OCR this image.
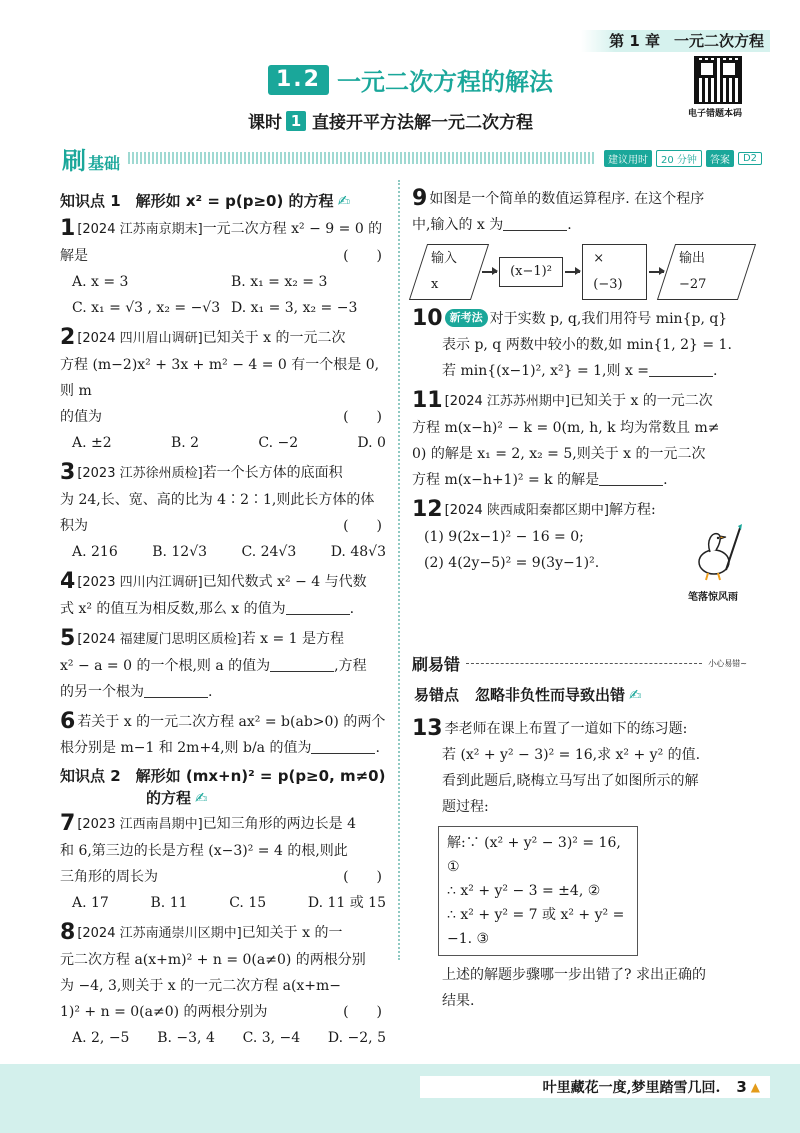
第 1 章 一元二次方程
1.2 一元二次方程的解法
电子错题本码
课时 1 直接开平方法解一元二次方程
刷基础	建议用时	20 分钟	答案	D2
知识点 1　解形如 x² = p(p≥0) 的方程 ✍
1 [2024 江苏南京期末]一元二次方程 x² − 9 = 0 的
解是	(　　)
A. x = 3	B. x₁ = x₂ = 3
C. x₁ = √3 , x₂ = −√3 D. x₁ = 3, x₂ = −3
2 [2024 四川眉山调研]已知关于 x 的一元二次
方程 (m−2)x² + 3x + m² − 4 = 0 有一个根是 0,则 m
的值为	(　　)
A. ±2	B. 2	C. −2	D. 0
3 [2023 江苏徐州质检]若一个长方体的底面积
为 24,长、宽、高的比为 4∶2∶1,则此长方体的体
积为	(　　)
A. 216 B. 12√3 C. 24√3 D. 48√3
4 [2023 四川内江调研]已知代数式 x² − 4 与代数
式 x² 的值互为相反数,那么 x 的值为	.
5 [2024 福建厦门思明区质检]若 x = 1 是方程
x² − a = 0 的一个根,则 a 的值为	,方程
的另一个根为	.
6 若关于 x 的一元二次方程 ax² = b(ab>0) 的两个
根分别是 m−1 和 2m+4,则 b/a 的值为	.
知识点 2　解形如 (mx+n)² = p(p≥0, m≠0)
的方程 ✍
7 [2023 江西南昌期中]已知三角形的两边长是 4
和 6,第三边的长是方程 (x−3)² = 4 的根,则此
三角形的周长为	(　　)
A. 17	B. 11	C. 15	D. 11 或 15
8 [2024 江苏南通崇川区期中]已知关于 x 的一
元二次方程 a(x+m)² + n = 0(a≠0) 的两根分别
为 −4, 3,则关于 x 的一元二次方程 a(x+m−
1)² + n = 0(a≠0) 的两根分别为	(　　)
A. 2, −5 B. −3, 4 C. 3, −4 D. −2, 5
9 如图是一个简单的数值运算程序. 在这个程序
中,输入的 x 为	.
输入 x
(x−1)²
× (−3)
输出 −27
10 新考法 对于实数 p, q,我们用符号 min{p, q}
表示 p, q 两数中较小的数,如 min{1, 2} = 1.
若 min{(x−1)², x²} = 1,则 x =	.
11 [2024 江苏苏州期中]已知关于 x 的一元二次
方程 m(x−h)² − k = 0(m, h, k 均为常数且 m≠
0) 的解是 x₁ = 2, x₂ = 5,则关于 x 的一元二次
方程 m(x−h+1)² = k 的解是	.
12 [2024 陕西咸阳秦都区期中]解方程:
(1) 9(2x−1)² − 16 = 0;
(2) 4(2y−5)² = 9(3y−1)².
笔落惊风雨
刷易错	小心易错~
易错点 忽略非负性而导致出错 ✍
13 李老师在课上布置了一道如下的练习题:
若 (x² + y² − 3)² = 16,求 x² + y² 的值.
看到此题后,晓梅立马写出了如图所示的解
题过程:
解:∵ (x² + y² − 3)² = 16, ①
∴ x² + y² − 3 = ±4, ②
∴ x² + y² = 7 或 x² + y² = −1. ③
上述的解题步骤哪一步出错了? 求出正确的
结果.
叶里藏花一度,梦里踏雪几回. 3 ▲
